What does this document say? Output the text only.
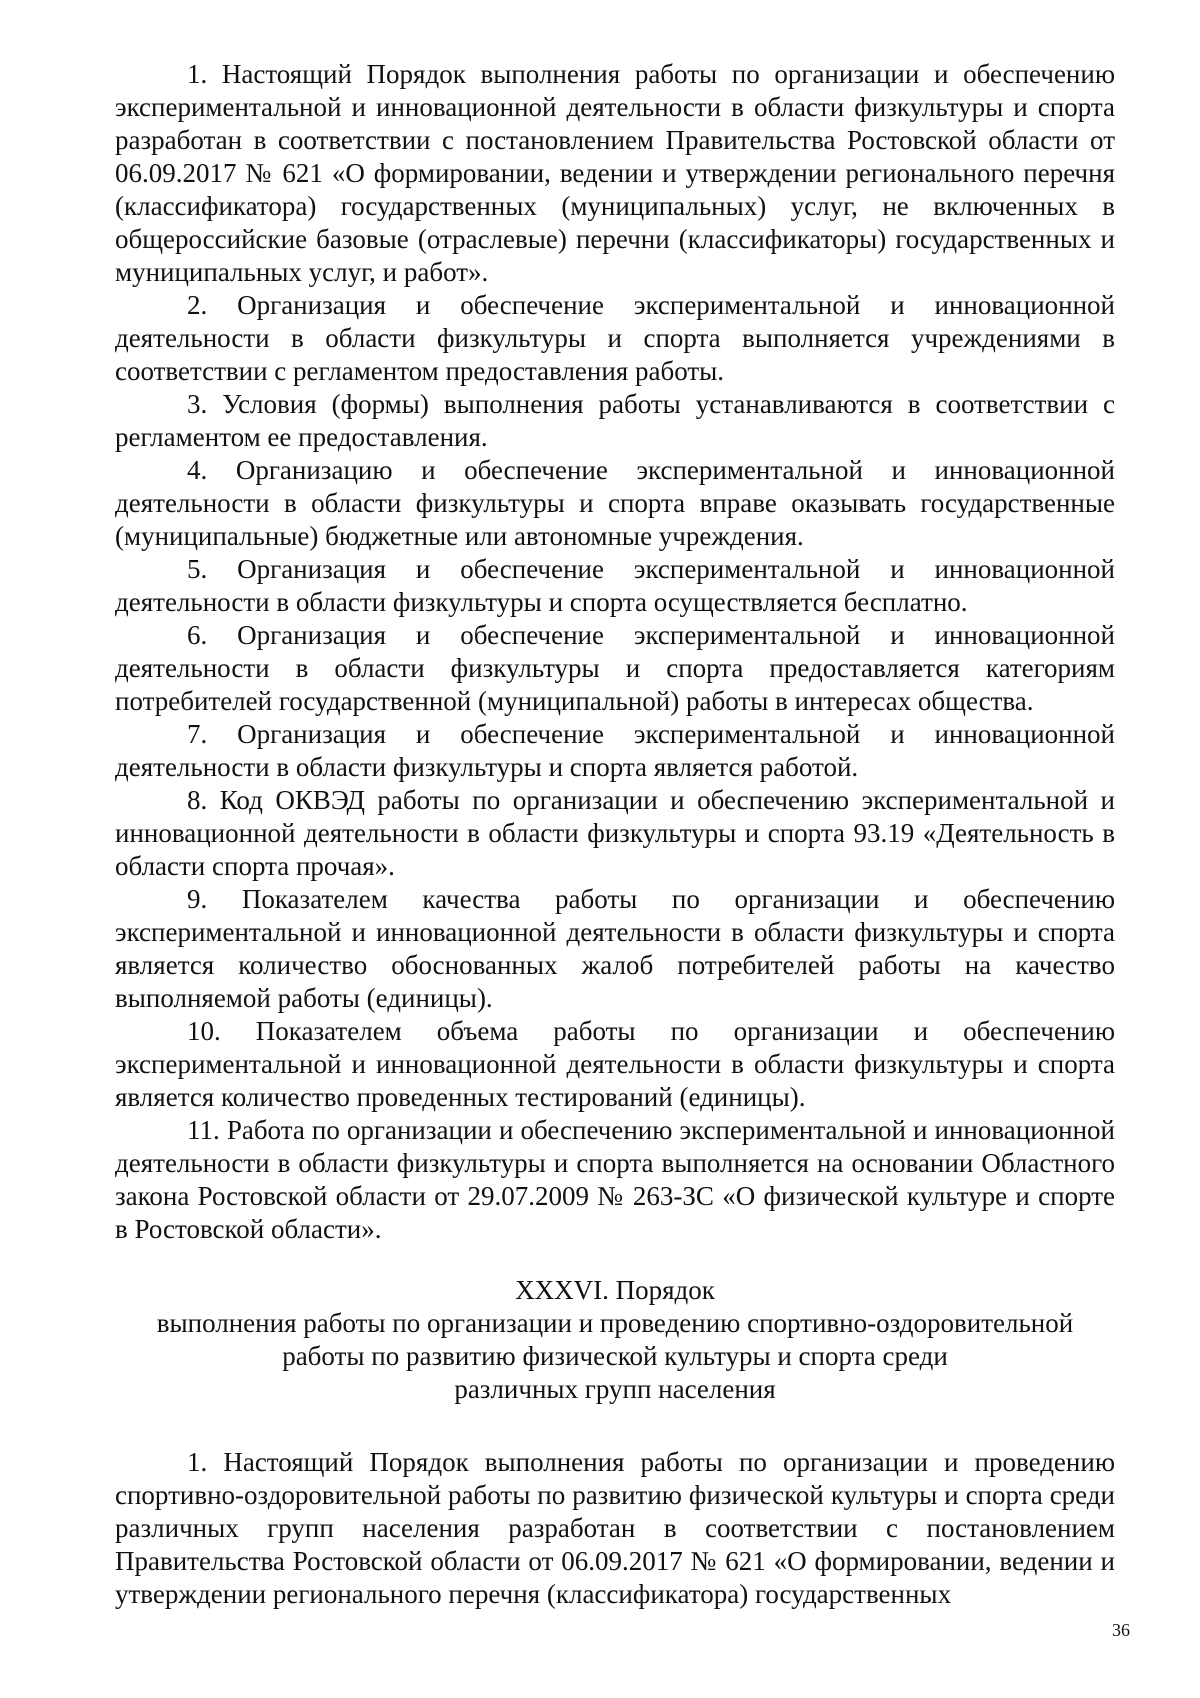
1. Настоящий Порядок выполнения работы по организации и обеспечению экспериментальной и инновационной деятельности в области физкультуры и спорта разработан в соответствии с постановлением Правительства Ростовской области от 06.09.2017 № 621 «О формировании, ведении и утверждении регионального перечня (классификатора) государственных (муниципальных) услуг, не включенных в общероссийские базовые (отраслевые) перечни (классификаторы) государственных и муниципальных услуг, и работ».

2. Организация и обеспечение экспериментальной и инновационной деятельности в области физкультуры и спорта выполняется учреждениями в соответствии с регламентом предоставления работы.

3. Условия (формы) выполнения работы устанавливаются в соответствии с регламентом ее предоставления.

4. Организацию и обеспечение экспериментальной и инновационной деятельности в области физкультуры и спорта вправе оказывать государственные (муниципальные) бюджетные или автономные учреждения.

5. Организация и обеспечение экспериментальной и инновационной деятельности в области физкультуры и спорта осуществляется бесплатно.

6. Организация и обеспечение экспериментальной и инновационной деятельности в области физкультуры и спорта предоставляется категориям потребителей государственной (муниципальной) работы в интересах общества.

7. Организация и обеспечение экспериментальной и инновационной деятельности в области физкультуры и спорта является работой.

8. Код ОКВЭД работы по организации и обеспечению экспериментальной и инновационной деятельности в области физкультуры и спорта 93.19 «Деятельность в области спорта прочая».

9. Показателем качества работы по организации и обеспечению экспериментальной и инновационной деятельности в области физкультуры и спорта является количество обоснованных жалоб потребителей работы на качество выполняемой работы (единицы).

10. Показателем объема работы по организации и обеспечению экспериментальной и инновационной деятельности в области физкультуры и спорта является количество проведенных тестирований (единицы).

11. Работа по организации и обеспечению экспериментальной и инновационной деятельности в области физкультуры и спорта выполняется на основании Областного закона Ростовской области от 29.07.2009 № 263-ЗС «О физической культуре и спорте в Ростовской области».

XXXVI. Порядок
выполнения работы по организации и проведению спортивно-оздоровительной
работы по развитию физической культуры и спорта среди
различных групп населения

1. Настоящий Порядок выполнения работы по организации и проведению спортивно-оздоровительной работы по развитию физической культуры и спорта среди различных групп населения разработан в соответствии с постановлением Правительства Ростовской области от 06.09.2017 № 621 «О формировании, ведении и утверждении регионального перечня (классификатора) государственных

36
